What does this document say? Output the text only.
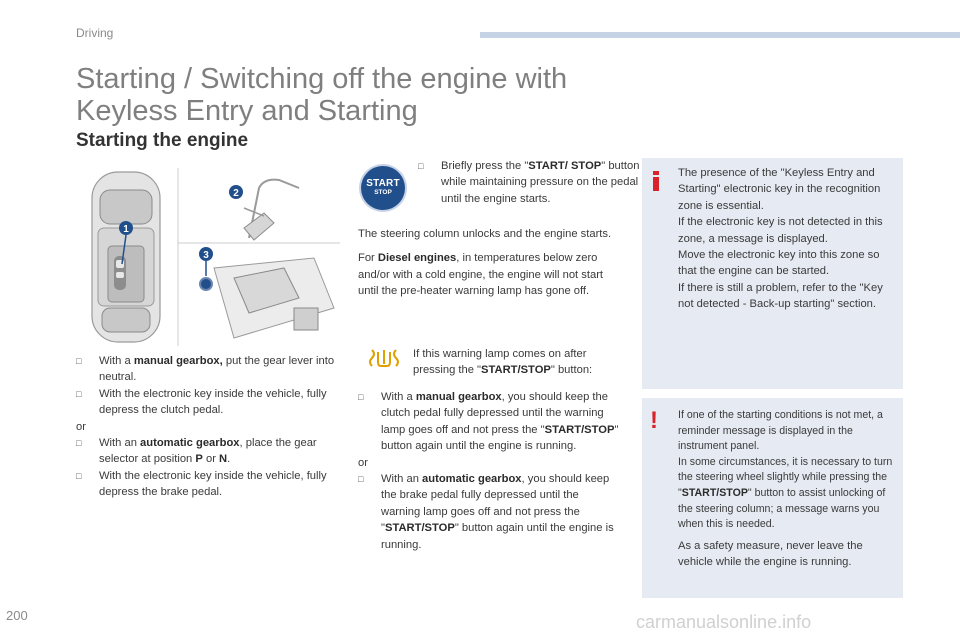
Driving
Starting / Switching off the engine with
Keyless Entry and Starting
Starting the engine
1
2
3
□ With a manual gearbox, put the gear lever into neutral.
□ With the electronic key inside the vehicle, fully depress the clutch pedal.
or
□ With an automatic gearbox, place the gear selector at position P or N.
□ With the electronic key inside the vehicle, fully depress the brake pedal.
START
STOP
□ Briefly press the "START/ STOP" button while maintaining pressure on the pedal until the engine starts.

The steering column unlocks and the engine starts.

For Diesel engines, in temperatures below zero and/or with a cold engine, the engine will not start until the pre-heater warning lamp has gone off.

If this warning lamp comes on after pressing the "START/STOP" button:
□ With a manual gearbox, you should keep the clutch pedal fully depressed until the warning lamp goes off and not press the "START/STOP" button again until the engine is running.
or
□ With an automatic gearbox, you should keep the brake pedal fully depressed until the warning lamp goes off and not press the "START/STOP" button again until the engine is running.

The presence of the "Keyless Entry and Starting" electronic key in the recognition zone is essential.

If the electronic key is not detected in this zone, a message is displayed.

Move the electronic key into this zone so that the engine can be started.

If there is still a problem, refer to the "Key not detected - Back-up starting" section.

! If one of the starting conditions is not met, a reminder message is displayed in the instrument panel.

In some circumstances, it is necessary to turn the steering wheel slightly while pressing the "START/STOP" button to assist unlocking of the steering column; a message warns you when this is needed.

As a safety measure, never leave the vehicle while the engine is running.
200	carmanualsonline.info
